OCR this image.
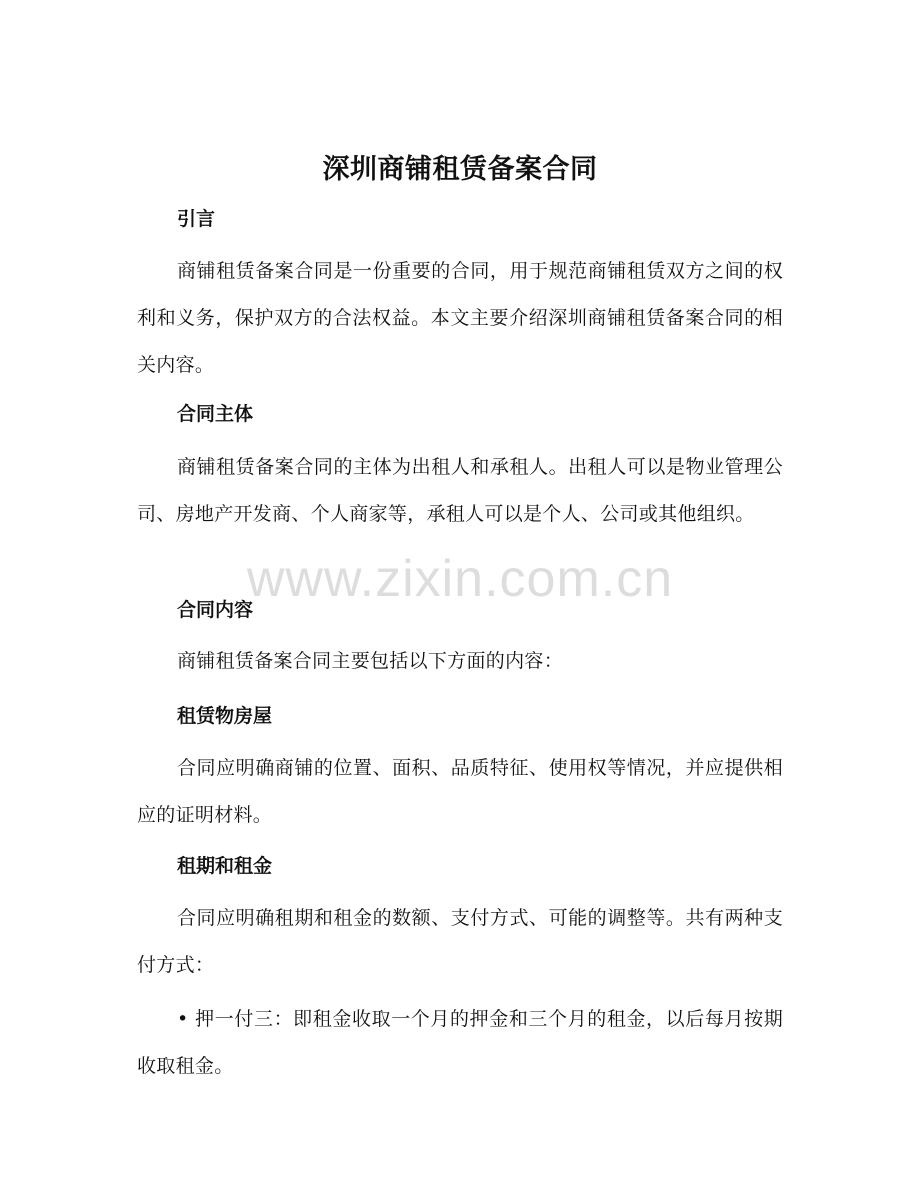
深圳商铺租赁备案合同
引言
商铺租赁备案合同是一份重要的合同，用于规范商铺租赁双方之间的权利和义务，保护双方的合法权益。本文主要介绍深圳商铺租赁备案合同的相关内容。
合同主体
商铺租赁备案合同的主体为出租人和承租人。出租人可以是物业管理公司、房地产开发商、个人商家等，承租人可以是个人、公司或其他组织。
合同内容
商铺租赁备案合同主要包括以下方面的内容：
租赁物房屋
合同应明确商铺的位置、面积、品质特征、使用权等情况，并应提供相应的证明材料。
租期和租金
合同应明确租期和租金的数额、支付方式、可能的调整等。共有两种支付方式：
• 押一付三：即租金收取一个月的押金和三个月的租金，以后每月按期收取租金。
www.zixin.com.cn
